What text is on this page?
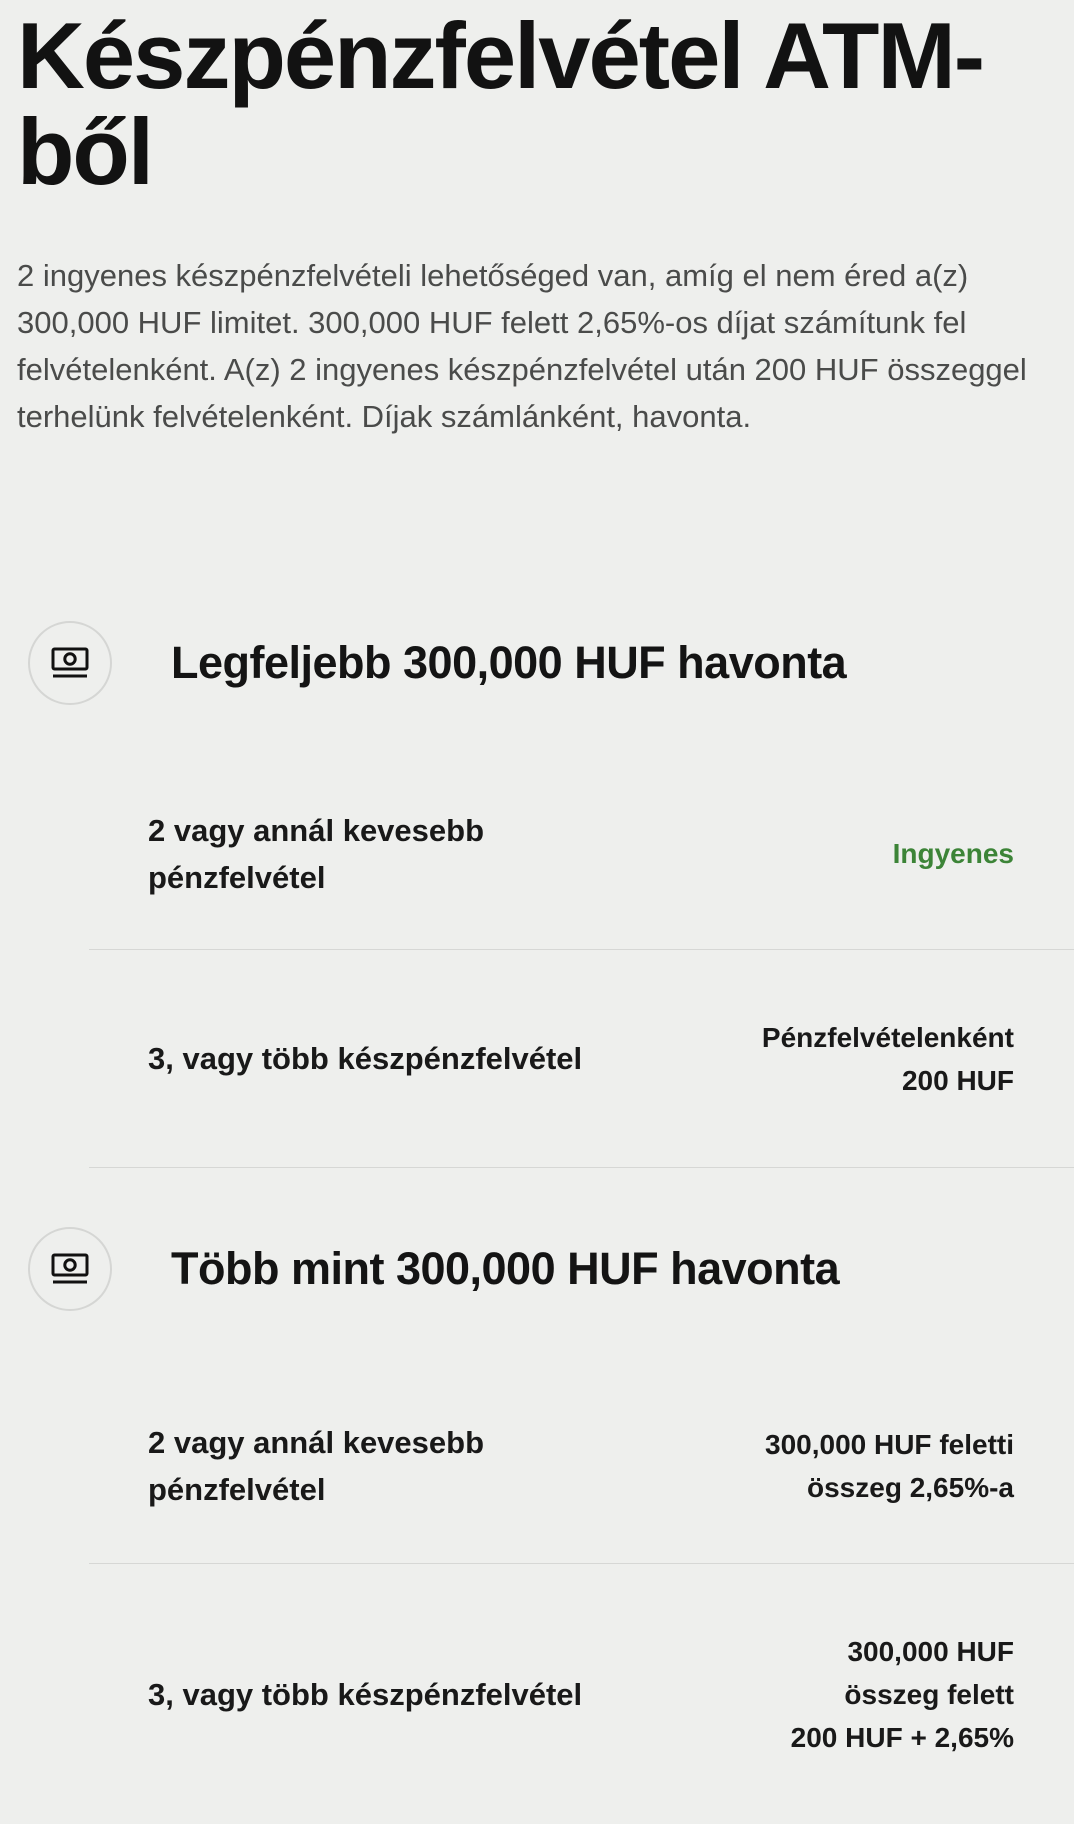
Készpénzfelvétel ATM-ből

2 ingyenes készpénzfelvételi lehetőséged van, amíg el nem éred a(z) 300,000 HUF limitet. 300,000 HUF felett 2,65%-os díjat számítunk fel felvételenként. A(z) 2 ingyenes készpénzfelvétel után 200 HUF összeggel terhelünk felvételenként. Díjak számlánként, havonta.

Legfeljebb 300,000 HUF havonta
2 vagy annál kevesebb pénzfelvétel
Ingyenes
3, vagy több készpénzfelvétel
Pénzfelvételenként
200 HUF
Több mint 300,000 HUF havonta
2 vagy annál kevesebb pénzfelvétel
300,000 HUF feletti
összeg 2,65%-a
3, vagy több készpénzfelvétel
300,000 HUF
összeg felett
200 HUF + 2,65%
